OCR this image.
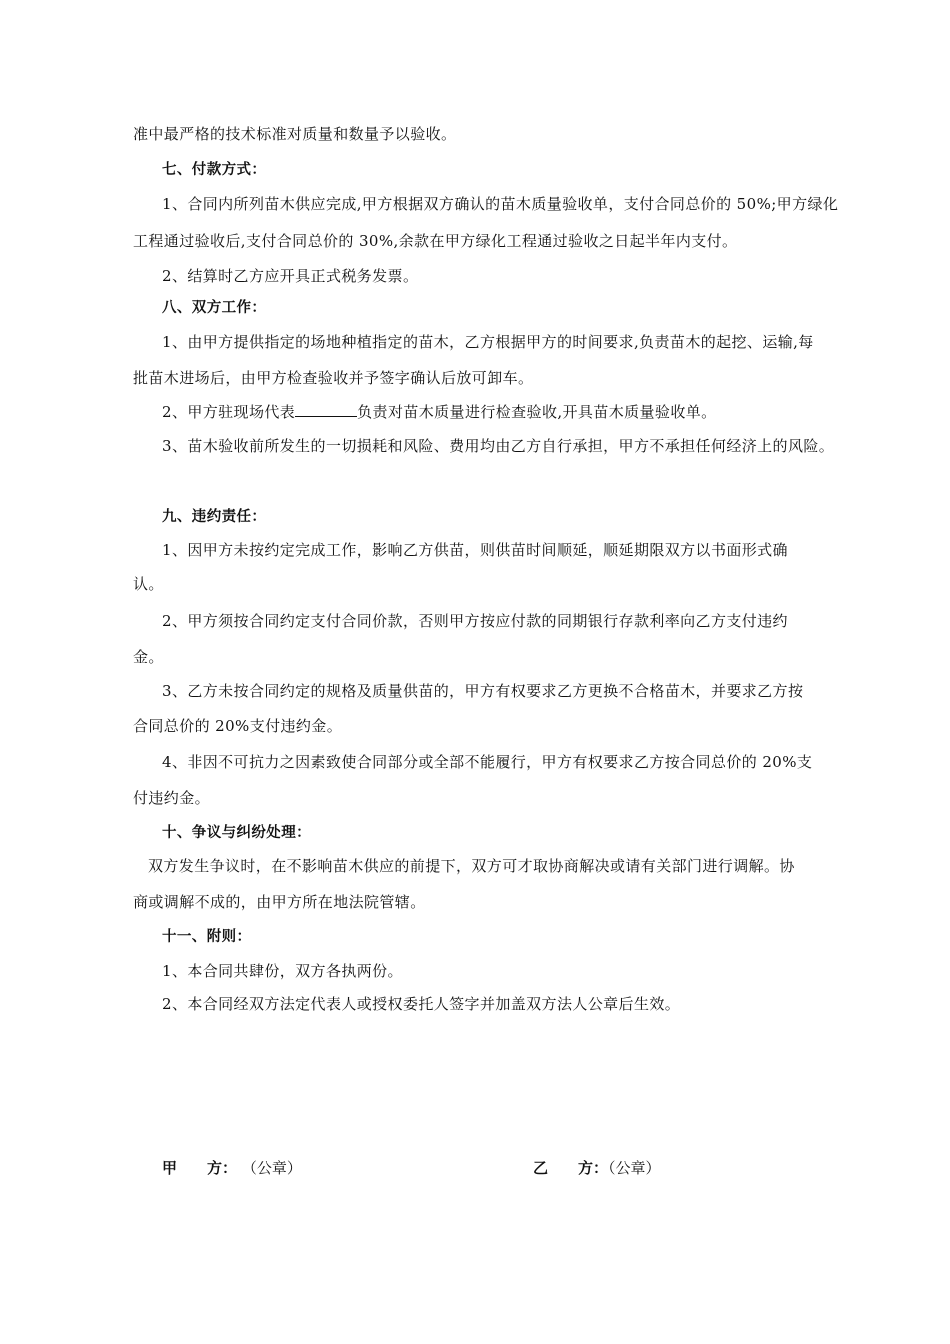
准中最严格的技术标准对质量和数量予以验收。
七、付款方式：
1、合同内所列苗木供应完成,甲方根据双方确认的苗木质量验收单，支付合同总价的 50%;甲方绿化
工程通过验收后,支付合同总价的 30%,余款在甲方绿化工程通过验收之日起半年内支付。
2、结算时乙方应开具正式税务发票。
八、双方工作：
1、由甲方提供指定的场地种植指定的苗木，乙方根据甲方的时间要求,负责苗木的起挖、运输,每
批苗木进场后，由甲方检查验收并予签字确认后放可卸车。
2、甲方驻现场代表	负责对苗木质量进行检查验收,开具苗木质量验收单。
3、苗木验收前所发生的一切损耗和风险、费用均由乙方自行承担，甲方不承担任何经济上的风险。
九、违约责任：
1、因甲方未按约定完成工作，影响乙方供苗，则供苗时间顺延，顺延期限双方以书面形式确
认。
2、甲方须按合同约定支付合同价款，否则甲方按应付款的同期银行存款利率向乙方支付违约
金。
3、乙方未按合同约定的规格及质量供苗的，甲方有权要求乙方更换不合格苗木，并要求乙方按
合同总价的 20%支付违约金。
4、非因不可抗力之因素致使合同部分或全部不能履行，甲方有权要求乙方按合同总价的 20%支
付违约金。
十、争议与纠纷处理：
双方发生争议时，在不影响苗木供应的前提下，双方可才取协商解决或请有关部门进行调解。协
商或调解不成的，由甲方所在地法院管辖。
十一、附则：
1、本合同共肆份，双方各执两份。
2、本合同经双方法定代表人或授权委托人签字并加盖双方法人公章后生效。
甲 方： （公章）	乙 方：（公章）
